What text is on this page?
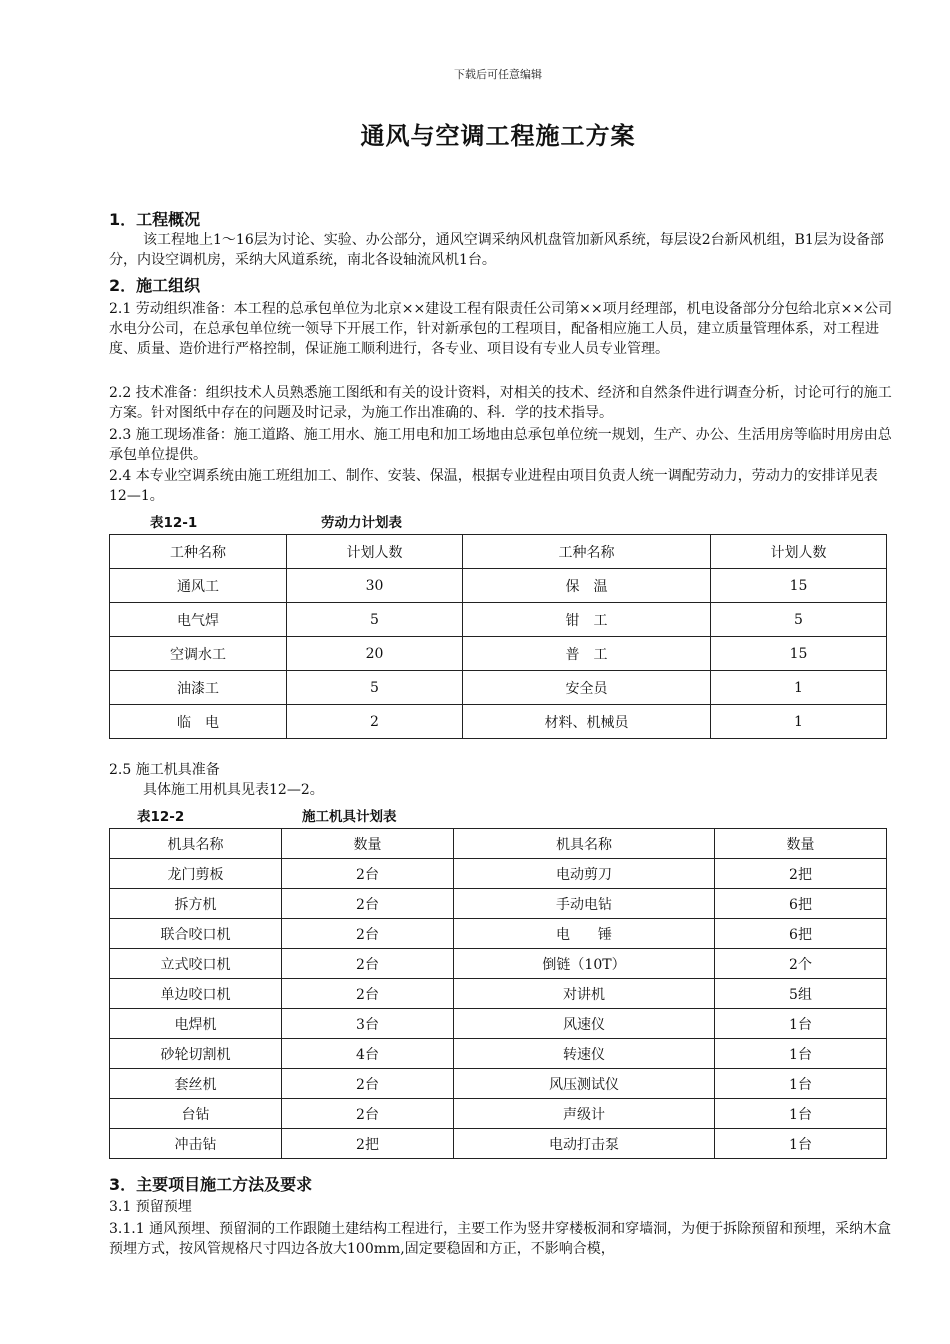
下载后可任意编辑
通风与空调工程施工方案
1．工程概况
该工程地上1～16层为讨论、实验、办公部分，通风空调采纳风机盘管加新风系统，每层设2台新风机组，B1层为设备部分，内设空调机房，采纳大风道系统，南北各设轴流风机1台。
2．施工组织
2.1 劳动组织准备：本工程的总承包单位为北京××建设工程有限责任公司第××项月经理部，机电设备部分分包给北京××公司水电分公司，在总承包单位统一领导下开展工作，针对新承包的工程项目，配备相应施工人员，建立质量管理体系，对工程进度、质量、造价进行严格控制，保证施工顺利进行，各专业、项目设有专业人员专业管理。
2.2 技术准备：组织技术人员熟悉施工图纸和有关的设计资料，对相关的技术、经济和自然条件进行调查分析，讨论可行的施工方案。针对图纸中存在的问题及时记录，为施工作出准确的、科．学的技术指导。
2.3 施工现场准备：施工道路、施工用水、施工用电和加工场地由总承包单位统一规划，生产、办公、生活用房等临时用房由总承包单位提供。
2.4 本专业空调系统由施工班组加工、制作、安装、保温，根据专业进程由项目负责人统一调配劳动力，劳动力的安排详见表12—1。
表12-1	劳动力计划表
工种名称	计划人数	工种名称	计划人数
通风工	30	保　温	15
电气焊	5	钳　工	5
空调水工	20	普　工	15
油漆工	5	安全员	1
临　电	2	材料、机械员	1
2.5 施工机具准备
具体施工用机具见表12—2。
表12-2	施工机具计划表
机具名称	数量	机具名称	数量
龙门剪板	2台	电动剪刀	2把
拆方机	2台	手动电钻	6把
联合咬口机	2台	电　　锤	6把
立式咬口机	2台	倒链（10T）	2个
单边咬口机	2台	对讲机	5组
电焊机	3台	风速仪	1台
砂轮切割机	4台	转速仪	1台
套丝机	2台	风压测试仪	1台
台钻	2台	声级计	1台
冲击钻	2把	电动打击泵	1台
3．主要项目施工方法及要求
3.1 预留预埋
3.1.1 通风预埋、预留洞的工作跟随土建结构工程进行，主要工作为竖井穿楼板洞和穿墙洞，为便于拆除预留和预埋，采纳木盒预埋方式，按风管规格尺寸四边各放大100mm,固定要稳固和方正，不影响合模，
